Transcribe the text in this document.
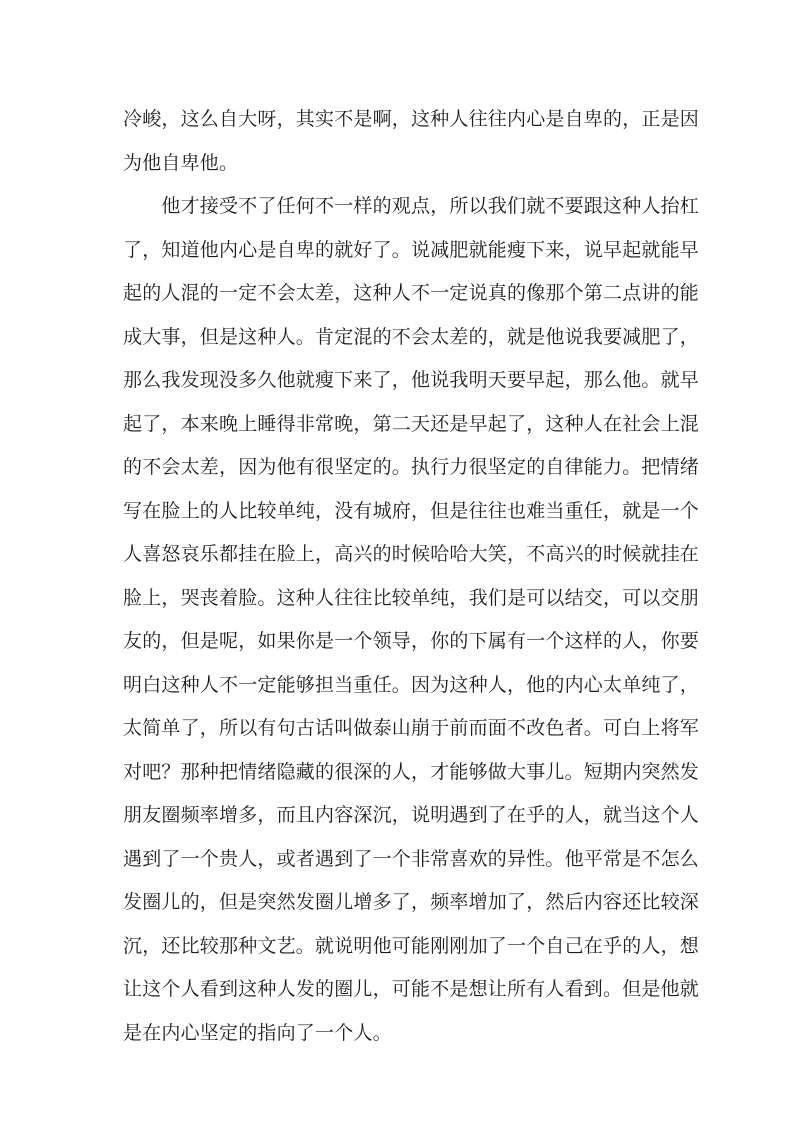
冷峻，这么自大呀，其实不是啊，这种人往往内心是自卑的，正是因
为他自卑他。
　　他才接受不了任何不一样的观点，所以我们就不要跟这种人抬杠
了，知道他内心是自卑的就好了。说减肥就能瘦下来，说早起就能早
起的人混的一定不会太差，这种人不一定说真的像那个第二点讲的能
成大事，但是这种人。肯定混的不会太差的，就是他说我要减肥了，
那么我发现没多久他就瘦下来了，他说我明天要早起，那么他。就早
起了，本来晚上睡得非常晚，第二天还是早起了，这种人在社会上混
的不会太差，因为他有很坚定的。执行力很坚定的自律能力。把情绪
写在脸上的人比较单纯，没有城府，但是往往也难当重任，就是一个
人喜怒哀乐都挂在脸上，高兴的时候哈哈大笑，不高兴的时候就挂在
脸上，哭丧着脸。这种人往往比较单纯，我们是可以结交，可以交朋
友的，但是呢，如果你是一个领导，你的下属有一个这样的人，你要
明白这种人不一定能够担当重任。因为这种人，他的内心太单纯了，
太简单了，所以有句古话叫做泰山崩于前而面不改色者。可白上将军
对吧？那种把情绪隐藏的很深的人，才能够做大事儿。短期内突然发
朋友圈频率增多，而且内容深沉，说明遇到了在乎的人，就当这个人
遇到了一个贵人，或者遇到了一个非常喜欢的异性。他平常是不怎么
发圈儿的，但是突然发圈儿增多了，频率增加了，然后内容还比较深
沉，还比较那种文艺。就说明他可能刚刚加了一个自己在乎的人，想
让这个人看到这种人发的圈儿，可能不是想让所有人看到。但是他就
是在内心坚定的指向了一个人。
